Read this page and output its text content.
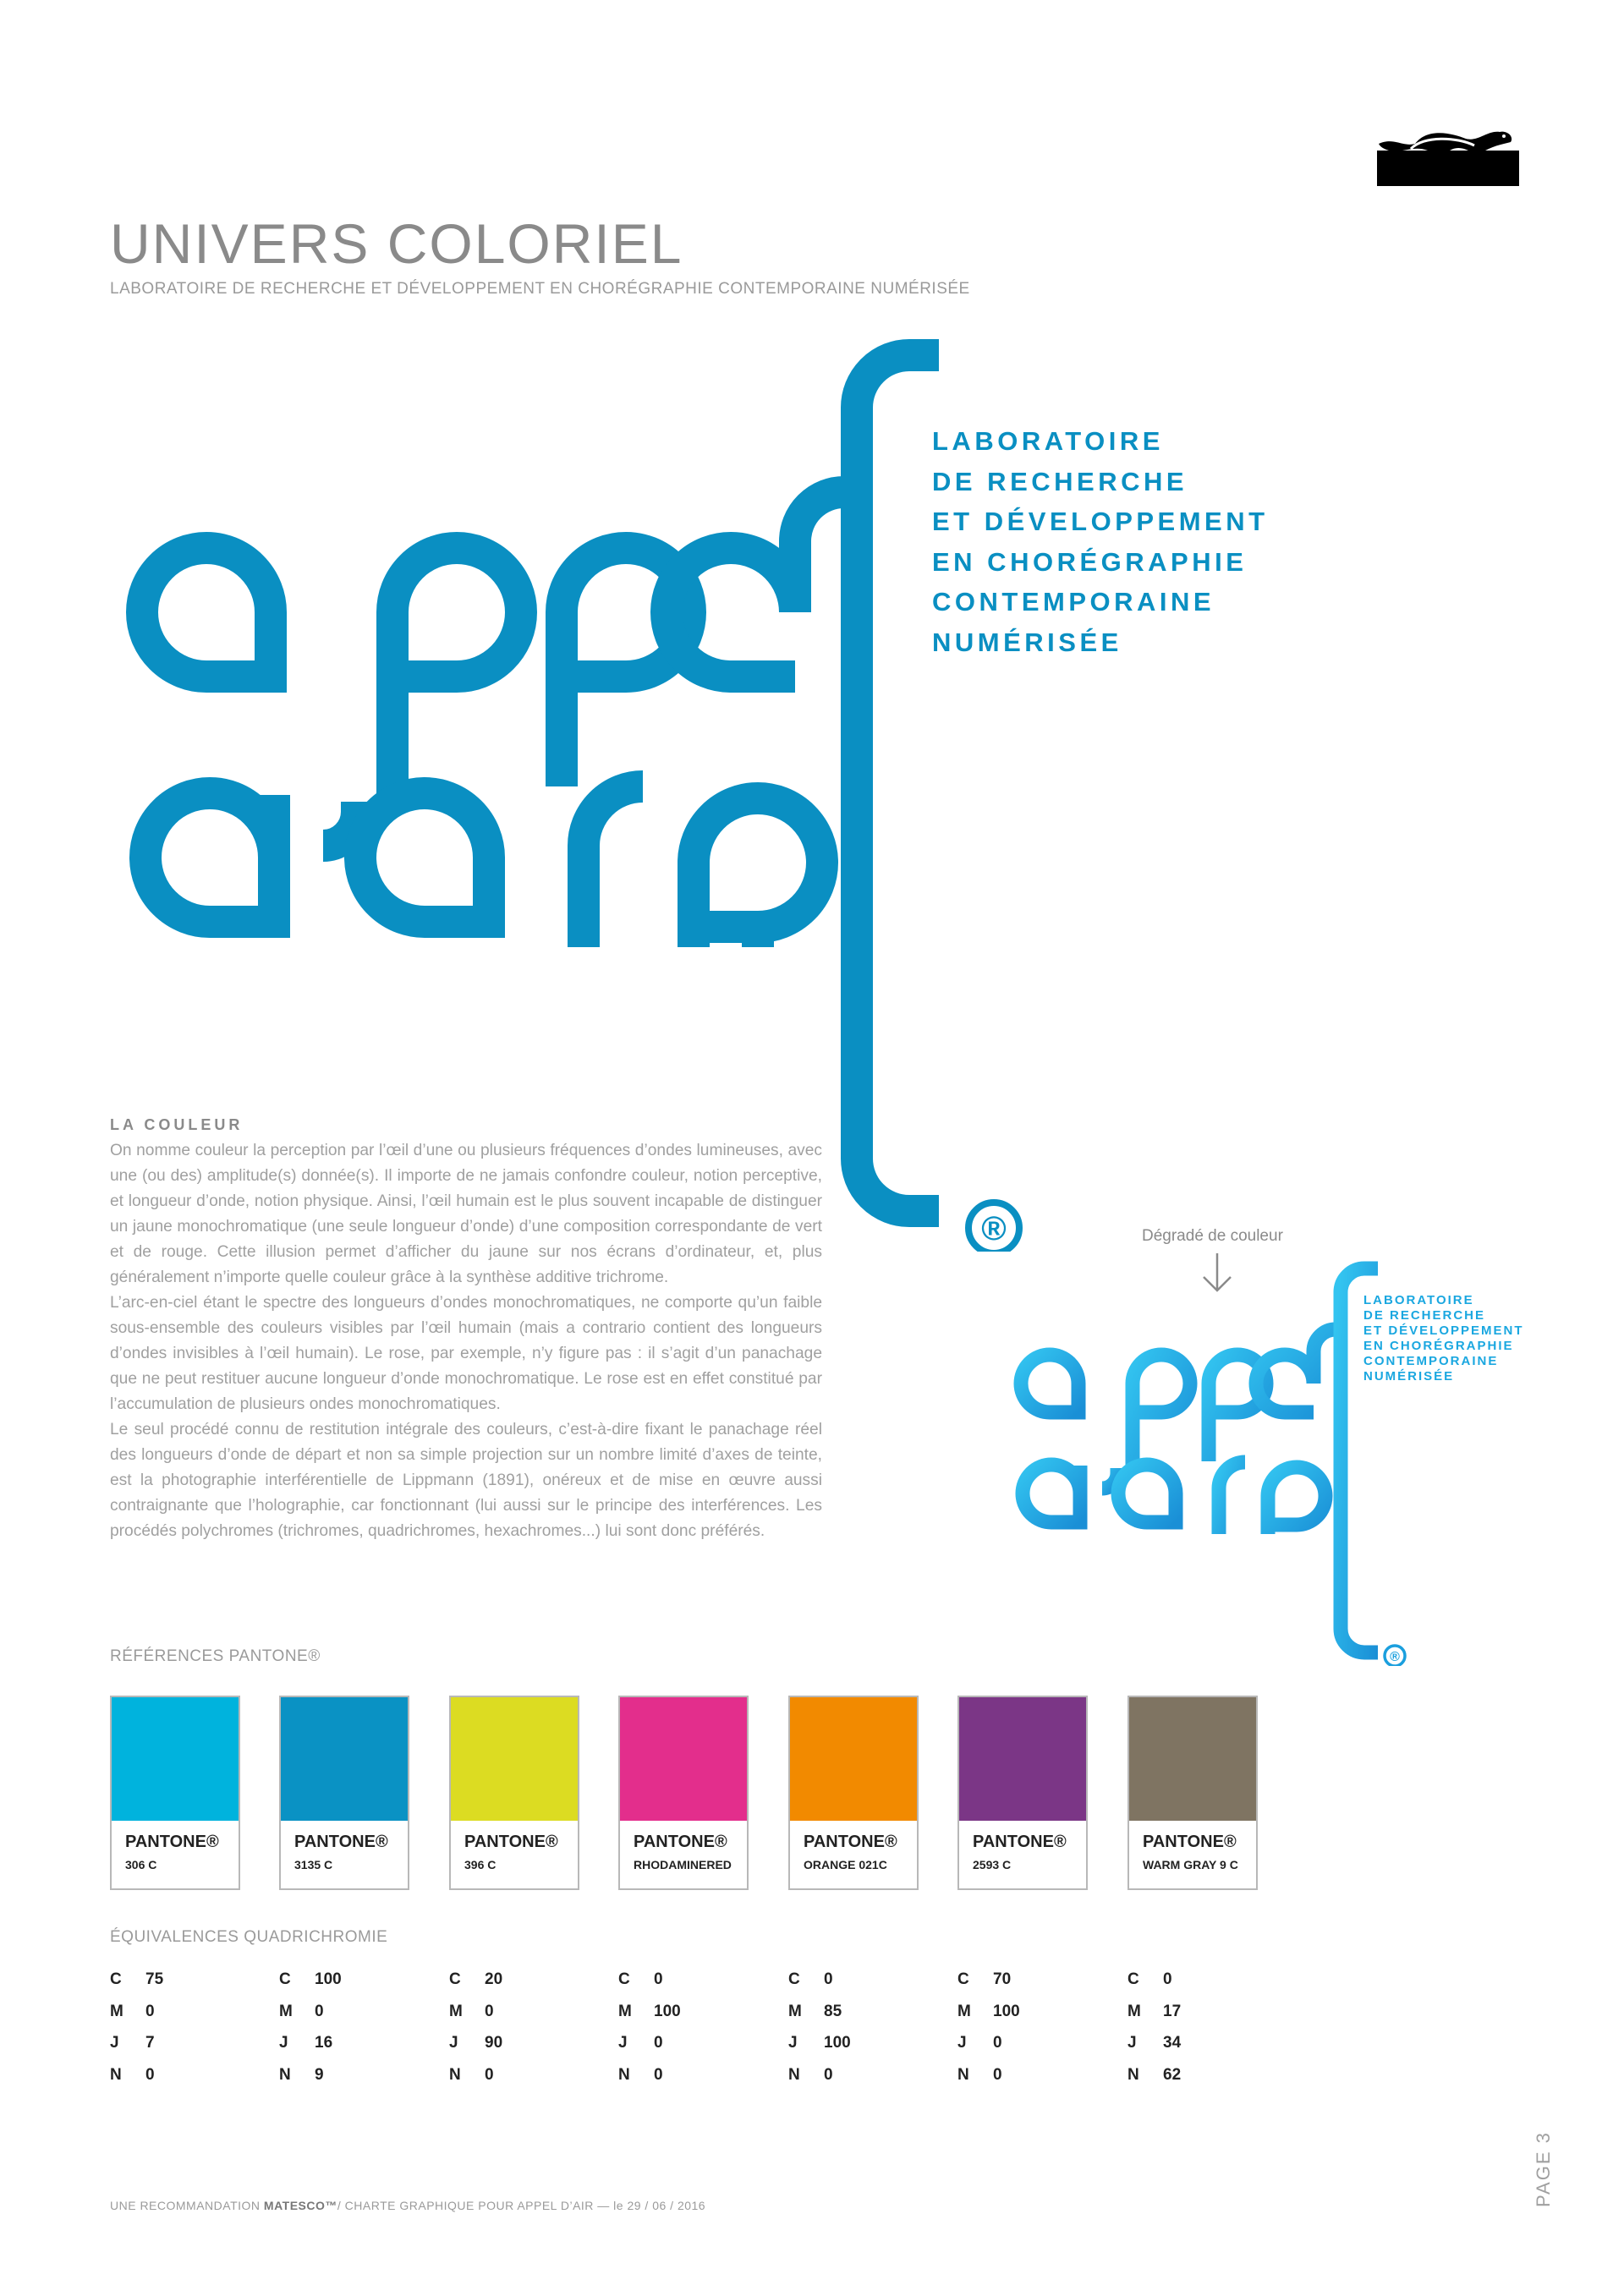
UNIVERS COLORIEL
LABORATOIRE DE RECHERCHE ET DÉVELOPPEMENT EN CHORÉGRAPHIE CONTEMPORAINE NUMÉRISÉE
®
LABORATOIRE
DE RECHERCHE
ET DÉVELOPPEMENT
EN CHORÉGRAPHIE
CONTEMPORAINE
NUMÉRISÉE
LA COULEUR

On nomme couleur la perception par l’œil d’une ou plusieurs fréquences d’ondes lumineuses, avec une (ou des) amplitude(s) donnée(s). Il importe de ne jamais confondre couleur, notion perceptive, et longueur d’onde, notion physique. Ainsi, l’œil humain est le plus souvent incapable de distinguer un jaune monochromatique (une seule longueur d’onde) d’une composition correspondante de vert et de rouge. Cette illusion permet d’afficher du jaune sur nos écrans d’ordinateur, et, plus généralement n’importe quelle couleur grâce à la synthèse additive trichrome.

L’arc-en-ciel étant le spectre des longueurs d’ondes monochromatiques, ne comporte qu’un faible sous-ensemble des couleurs visibles par l’œil humain (mais a contrario contient des longueurs d’ondes invisibles à l’œil humain). Le rose, par exemple, n’y figure pas : il s’agit d’un panachage que ne peut restituer aucune longueur d’onde monochromatique. Le rose est en effet constitué par l’accumulation de plusieurs ondes monochromatiques.

Le seul procédé connu de restitution intégrale des couleurs, c’est-à-dire fixant le panachage réel des longueurs d’onde de départ et non sa simple projection sur un nombre limité d’axes de teinte, est la photographie interférentielle de Lippmann (1891), onéreux et de mise en œuvre aussi contraignante que l’holographie, car fonctionnant (lui aussi sur le principe des interférences. Les procédés polychromes (trichromes, quadrichromes, hexachromes...) lui sont donc préférés.

Dégradé de couleur
®
LABORATOIRE
DE RECHERCHE
ET DÉVELOPPEMENT
EN CHORÉGRAPHIE
CONTEMPORAINE
NUMÉRISÉE
RÉFÉRENCES PANTONE®
PANTONE®
306 C
PANTONE®
3135 C
PANTONE®
396 C
PANTONE®
RHODAMINERED
PANTONE®
ORANGE 021C
PANTONE®
2593 C
PANTONE®
WARM GRAY 9 C
ÉQUIVALENCES QUADRICHROMIE
C 75
M 0
J 7
N 0
C 100
M 0
J 16
N 9
C 20
M 0
J 90
N 0
C 0
M 100
J 0
N 0
C 0
M 85
J 100
N 0
C 70
M 100
J 0
N 0
C 0
M 17
J 34
N 62
UNE RECOMMANDATION MATESCO™/ CHARTE GRAPHIQUE POUR APPEL D’AIR — le 29 / 06 / 2016	PAGE 3
